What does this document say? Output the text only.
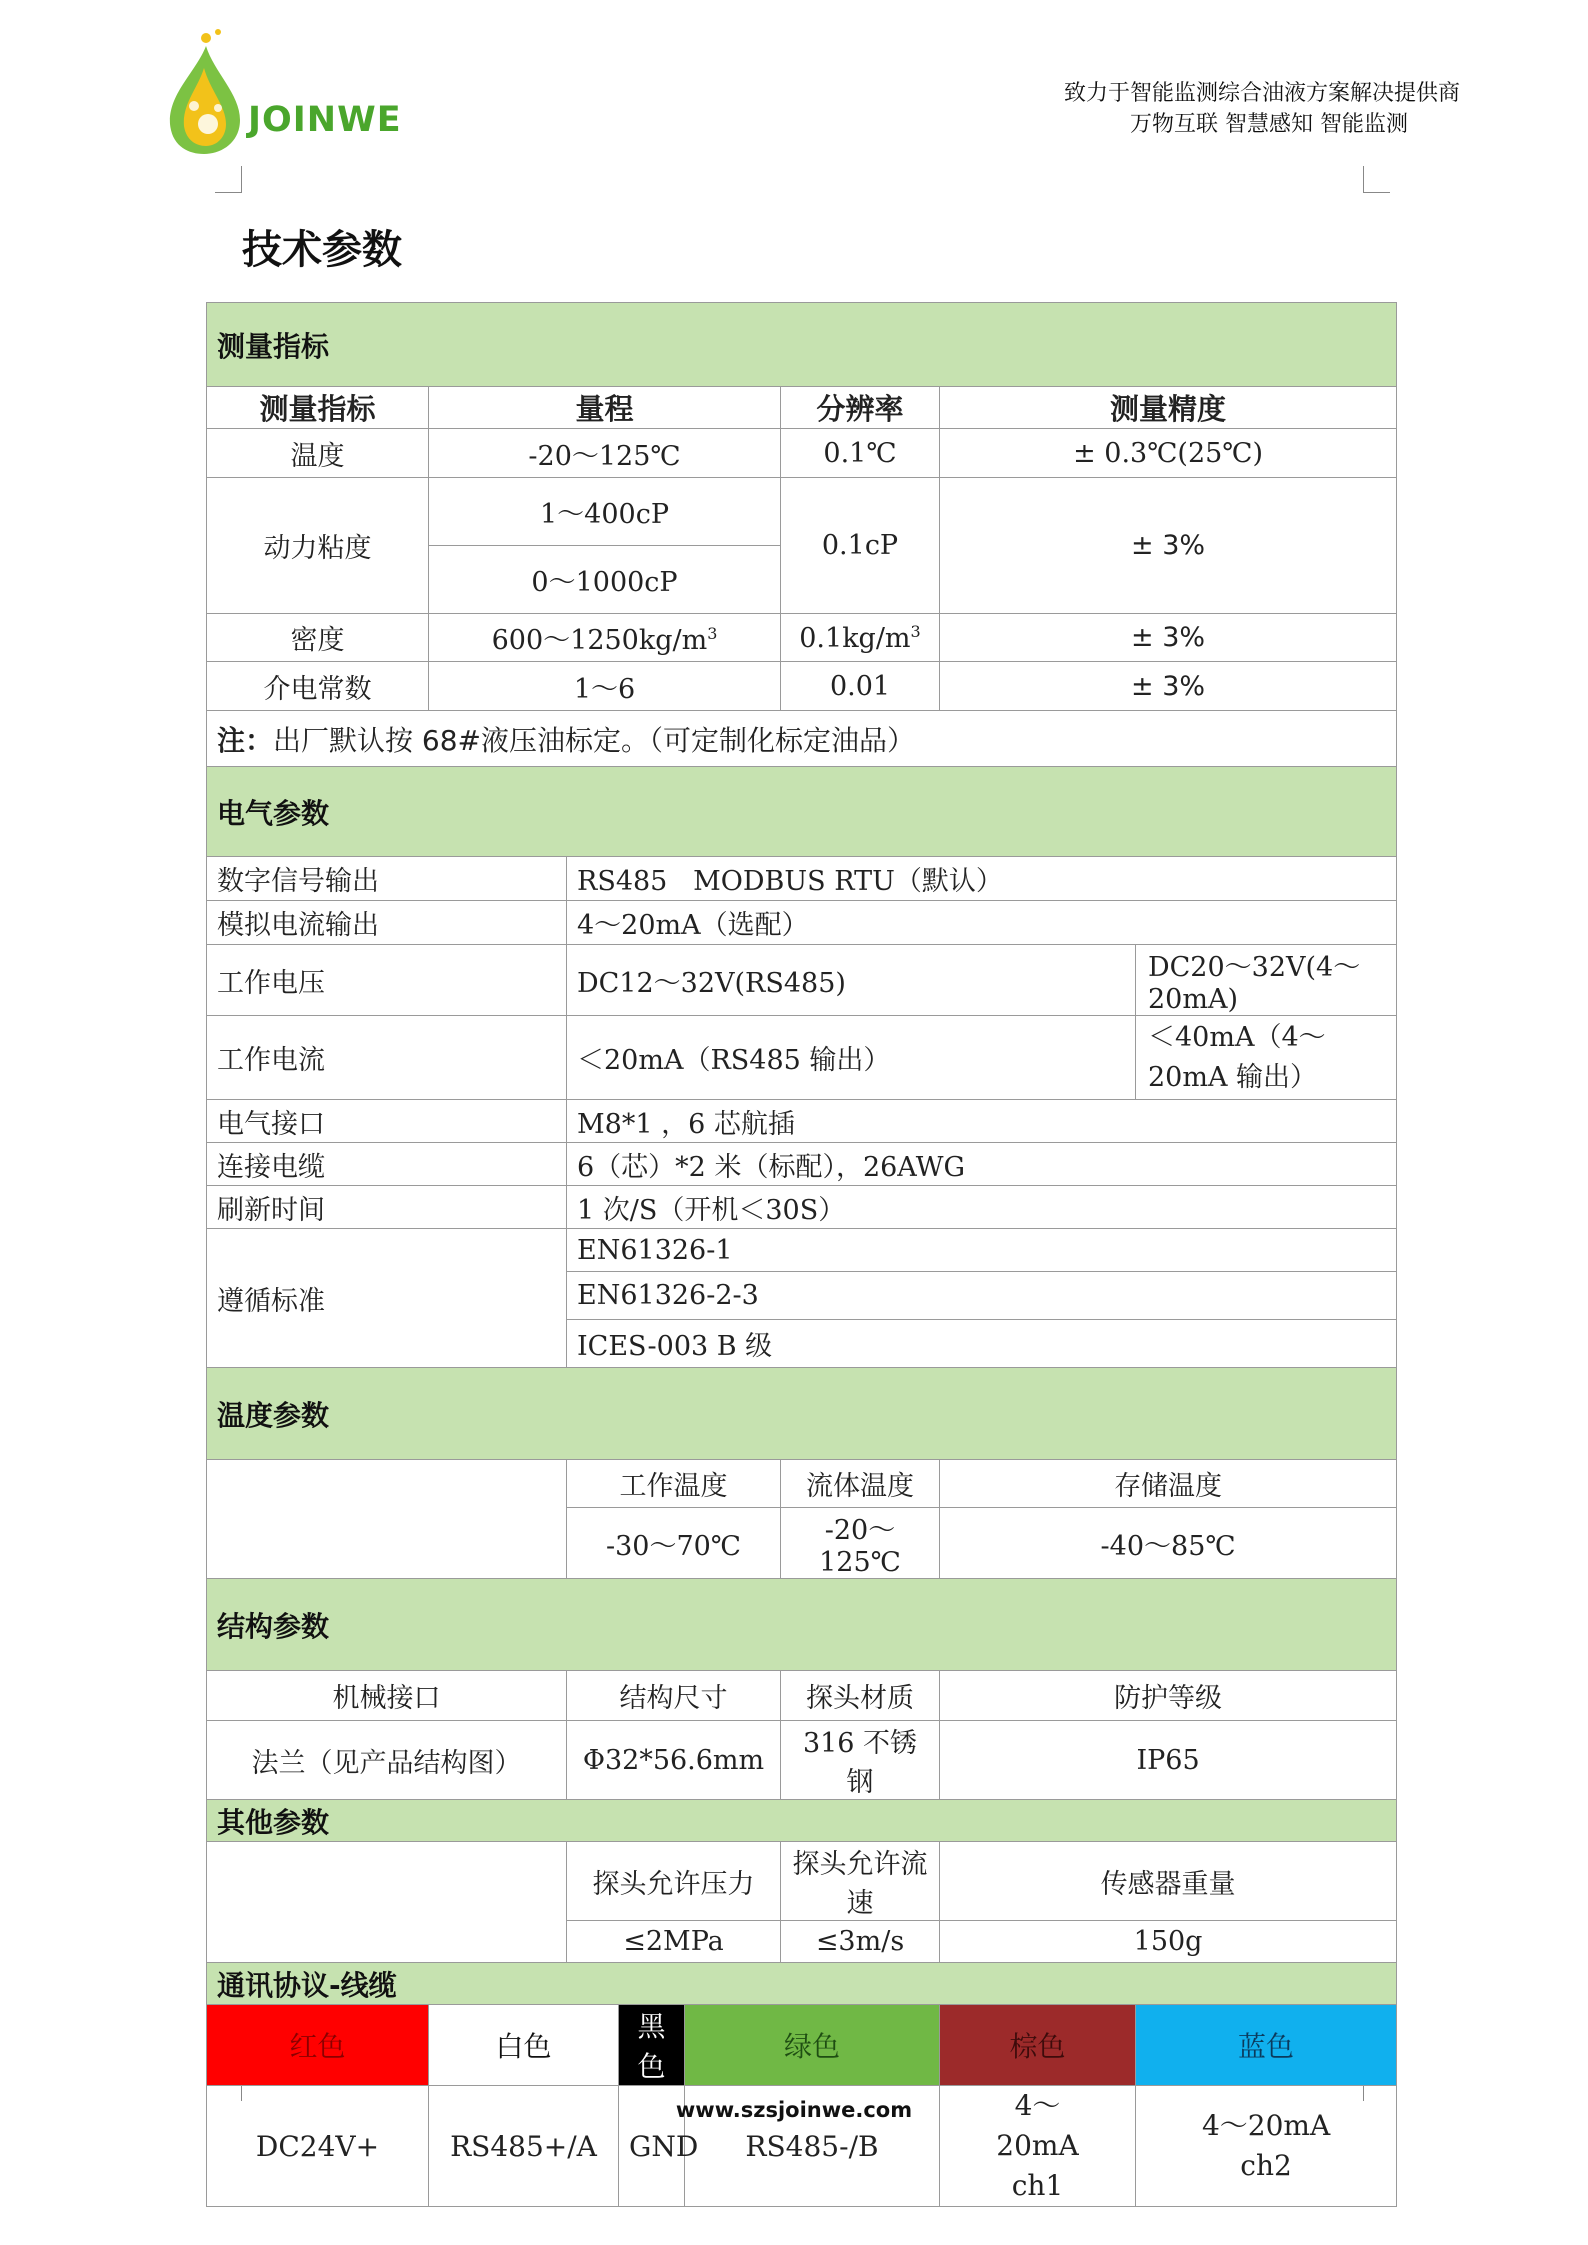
JOINWE
致力于智能监测综合油液方案解决提供商
万物互联 智慧感知 智能监测
技术参数
测量指标							
测量指标	量程				分辨率	测量精度	
温度	-20～125℃				0.1℃	± 0.3℃(25℃)	
动力粘度	1～400cP				0.1cP	± 3%	
	0～1000cP						
密度	$600\sim 1250kg/m^3$				$0.1kg/m^3$	± 3%	
介电常数	1～6				0.01	± 3%	
注：出厂默认按 68#液压油标定。（可定制化标定油品）							
电气参数							
数字信号输出		RS485   MODBUS RTU（默认）					
模拟电流输出		4～20mA（选配）					
工作电压		DC12～32V(RS485)					DC20～32V(4～20mA)
工作电流		＜20mA（RS485 输出）					＜40mA（4～20mA 输出）
电气接口		M8*1 ，6 芯航插					
连接电缆		6（芯）*2 米（标配），26AWG					
刷新时间		1 次/S（开机＜30S）					
遵循标准		EN61326-1					
		EN61326-2-3					
		ICES-003 B 级					
温度参数							
		工作温度			流体温度	存储温度	
		-30～70℃			-20～125℃	-40～85℃	
结构参数							
机械接口		结构尺寸			探头材质	防护等级	
法兰（见产品结构图）		Φ32*56.6mm			316 不锈钢	IP65	
其他参数							
		探头允许压力			探头允许流速	传感器重量	
		≤2MPa			≤3m/s	150g	
通讯协议-线缆							
红色	白色		黑色	绿色		棕色	蓝色
DC24V+	RS485+/A		GND	RS485-/B		4～20mA ch1	4～20mA ch2
www.szsjoinwe.com
